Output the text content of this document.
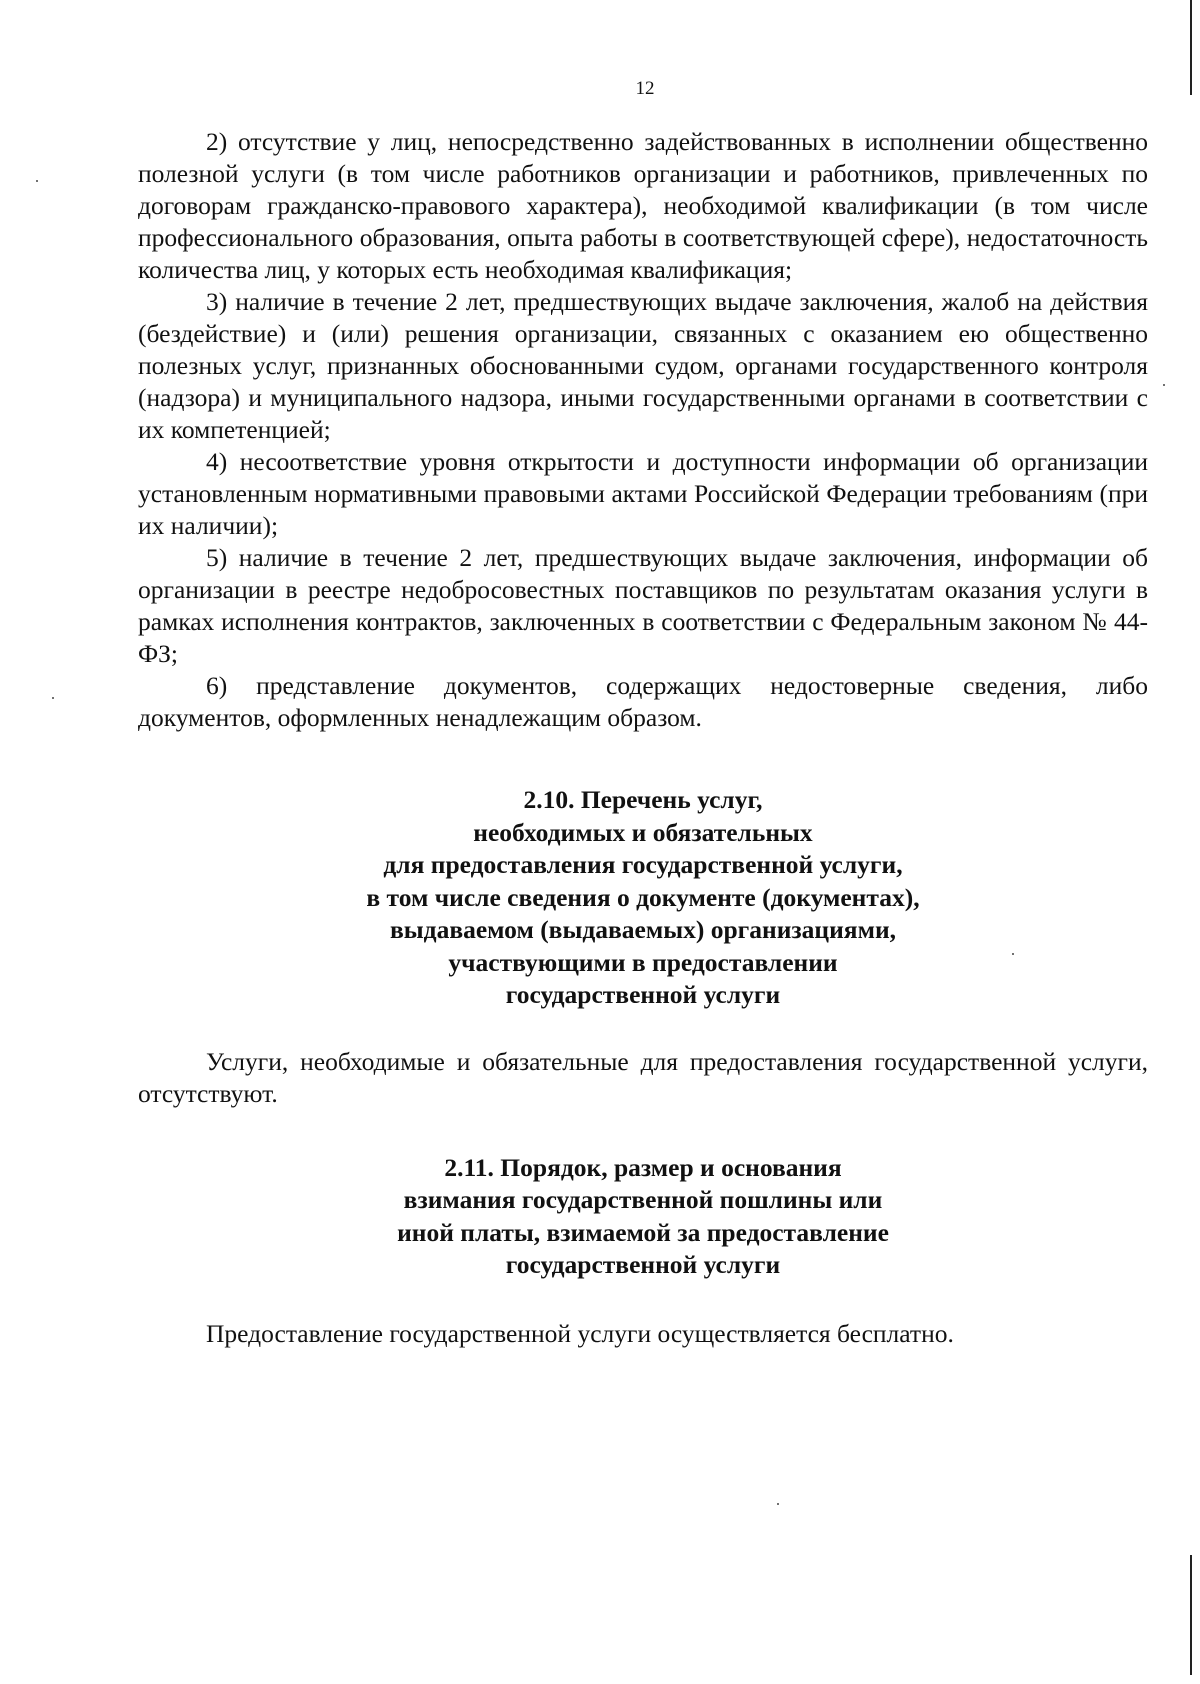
12

2) отсутствие у лиц, непосредственно задействованных в исполнении общественно полезной услуги (в том числе работников организации и работников, привлеченных по договорам гражданско-правового характера), необходимой квалификации (в том числе профессионального образования, опыта работы в соответствующей сфере), недостаточность количества лиц, у которых есть необходимая квалификация;

3) наличие в течение 2 лет, предшествующих выдаче заключения, жалоб на действия (бездействие) и (или) решения организации, связанных с оказанием ею общественно полезных услуг, признанных обоснованными судом, органами государственного контроля (надзора) и муниципального надзора, иными государственными органами в соответствии с их компетенцией;

4) несоответствие уровня открытости и доступности информации об организации установленным нормативными правовыми актами Российской Федерации требованиям (при их наличии);

5) наличие в течение 2 лет, предшествующих выдаче заключения, информации об организации в реестре недобросовестных поставщиков по результатам оказания услуги в рамках исполнения контрактов, заключенных в соответствии с Федеральным законом № 44-ФЗ;

6) представление документов, содержащих недостоверные сведения, либо документов, оформленных ненадлежащим образом.

2.10. Перечень услуг,
необходимых и обязательных
для предоставления государственной услуги,
в том числе сведения о документе (документах),
выдаваемом (выдаваемых) организациями,
участвующими в предоставлении
государственной услуги

Услуги, необходимые и обязательные для предоставления государственной услуги, отсутствуют.

2.11. Порядок, размер и основания
взимания государственной пошлины или
иной платы, взимаемой за предоставление
государственной услуги

Предоставление государственной услуги осуществляется бесплатно.
